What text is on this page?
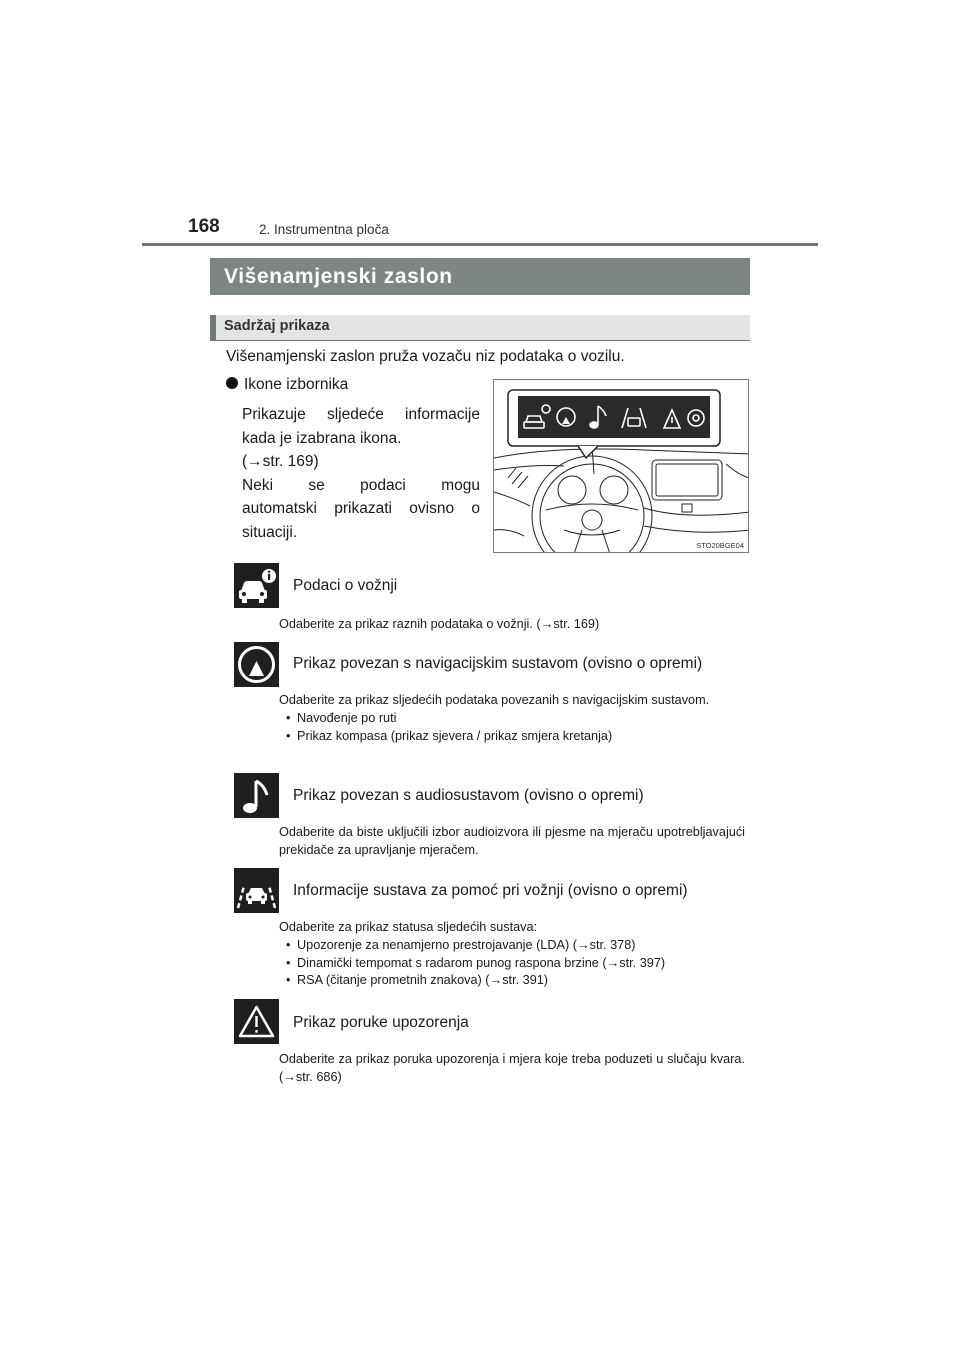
168	2. Instrumentna ploča
Višenamjenski zaslon
Sadržaj prikaza
Višenamjenski zaslon pruža vozaču niz podataka o vozilu.
Ikone izbornika

Prikazuje sljedeće informacije

kada je izabrana ikona.

(→str. 169)

Neki se podaci mogu

automatski prikazati ovisno o

situaciji.

STO20BGE04
Podaci o vožnji

Odaberite za prikaz raznih podataka o vožnji. (→str. 169)

Prikaz povezan s navigacijskim sustavom (ovisno o opremi)

Odaberite za prikaz sljedećih podataka povezanih s navigacijskim sustavom.

• Navođenje po ruti
• Prikaz kompasa (prikaz sjevera / prikaz smjera kretanja)
Prikaz povezan s audiosustavom (ovisno o opremi)

Odaberite da biste uključili izbor audioizvora ili pjesme na mjeraču upotrebljavajući prekidače za upravljanje mjeračem.

Informacije sustava za pomoć pri vožnji (ovisno o opremi)

Odaberite za prikaz statusa sljedećih sustava:

• Upozorenje za nenamjerno prestrojavanje (LDA) (→str. 378)
• Dinamički tempomat s radarom punog raspona brzine (→str. 397)
• RSA (čitanje prometnih znakova) (→str. 391)
Prikaz poruke upozorenja

Odaberite za prikaz poruka upozorenja i mjera koje treba poduzeti u slučaju kvara. (→str. 686)
